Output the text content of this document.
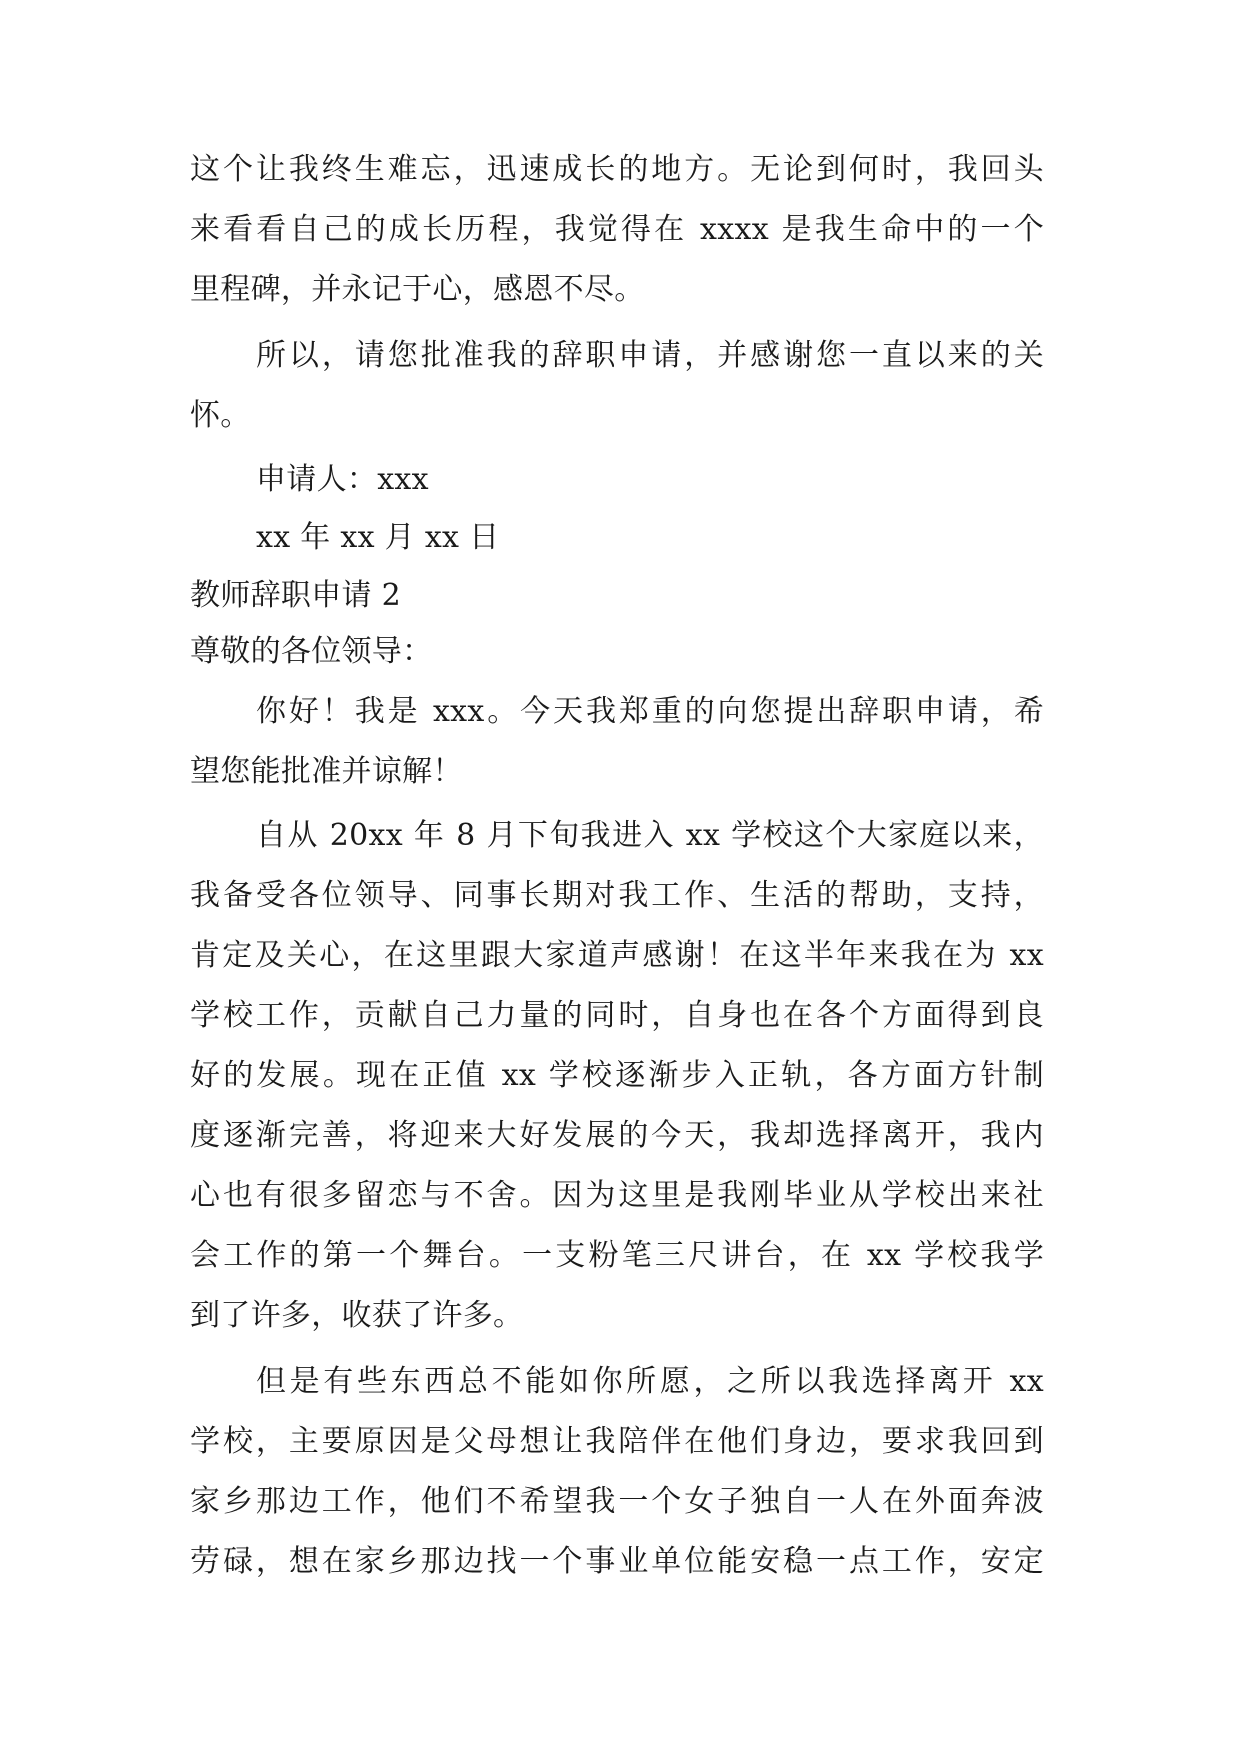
这个让我终生难忘，迅速成长的地方。无论到何时，我回头
来看看自己的成长历程，我觉得在 xxxx 是我生命中的一个
里程碑，并永记于心，感恩不尽。
所以，请您批准我的辞职申请，并感谢您一直以来的关
怀。
申请人：xxx
xx 年 xx 月 xx 日
教师辞职申请 2
尊敬的各位领导：
你好！我是 xxx。今天我郑重的向您提出辞职申请，希
望您能批准并谅解！
自从 20xx 年 8 月下旬我进入 xx 学校这个大家庭以来，
我备受各位领导、同事长期对我工作、生活的帮助，支持，
肯定及关心，在这里跟大家道声感谢！在这半年来我在为 xx
学校工作，贡献自己力量的同时，自身也在各个方面得到良
好的发展。现在正值 xx 学校逐渐步入正轨，各方面方针制
度逐渐完善，将迎来大好发展的今天，我却选择离开，我内
心也有很多留恋与不舍。因为这里是我刚毕业从学校出来社
会工作的第一个舞台。一支粉笔三尺讲台，在 xx 学校我学
到了许多，收获了许多。
但是有些东西总不能如你所愿，之所以我选择离开 xx
学校，主要原因是父母想让我陪伴在他们身边，要求我回到
家乡那边工作，他们不希望我一个女子独自一人在外面奔波
劳碌，想在家乡那边找一个事业单位能安稳一点工作，安定
